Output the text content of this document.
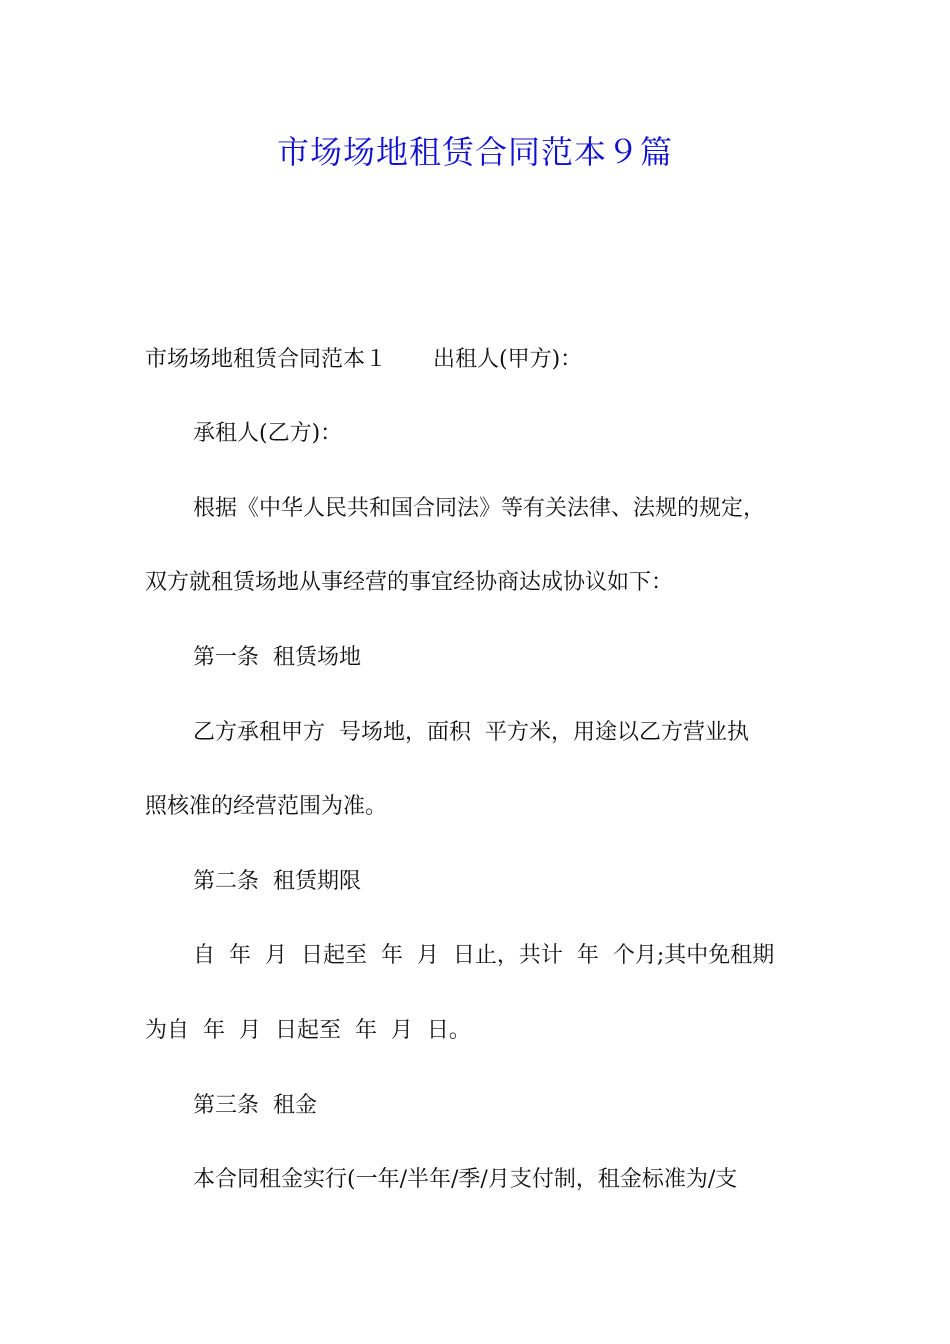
市场场地租赁合同范本９篇

市场场地租赁合同范本１ 出租人(甲方)：

承租人(乙方)：

根据《中华人民共和国合同法》等有关法律、法规的规定，

双方就租赁场地从事经营的事宜经协商达成协议如下：

第一条  租赁场地

乙方承租甲方  号场地，面积  平方米，用途以乙方营业执

照核准的经营范围为准。

第二条  租赁期限

自  年  月  日起至  年  月  日止，共计  年  个月;其中免租期

为自  年  月  日起至  年  月  日。

第三条  租金

本合同租金实行(一年/半年/季/月支付制，租金标准为/支
